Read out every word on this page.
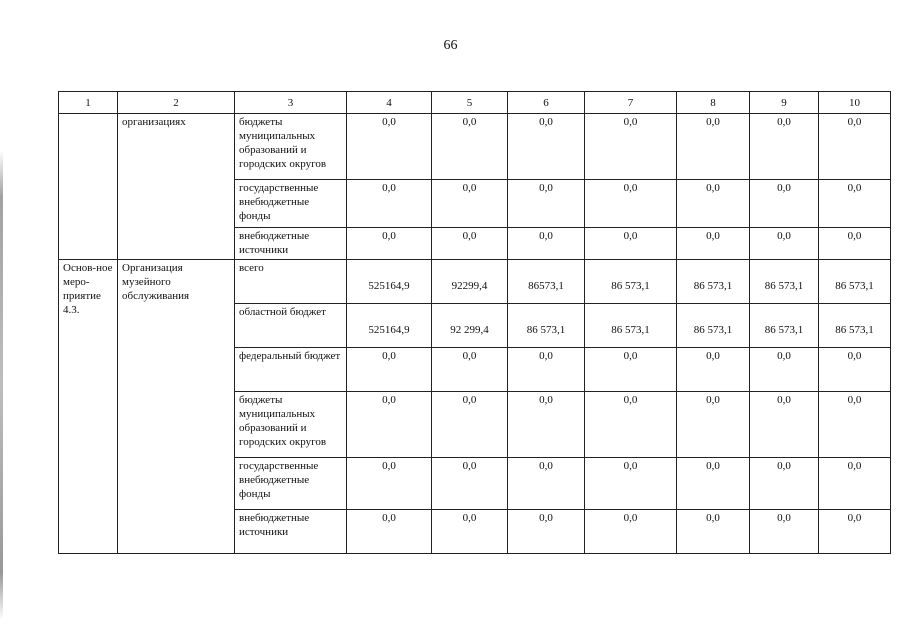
66
1	2	3	4	5	6	7	8	9	10
	организациях	бюджеты муниципальных образований и городских округов	0,0	0,0	0,0	0,0	0,0	0,0	0,0
		государственные внебюджетные фонды	0,0	0,0	0,0	0,0	0,0	0,0	0,0
		внебюджетные источники	0,0	0,0	0,0	0,0	0,0	0,0	0,0
Основ-ное меро-приятие 4.3.	Организация музейного обслуживания	всего	525164,9	92299,4	86573,1	86 573,1	86 573,1	86 573,1	86 573,1
		областной бюджет	525164,9	92 299,4	86 573,1	86 573,1	86 573,1	86 573,1	86 573,1
		федеральный бюджет	0,0	0,0	0,0	0,0	0,0	0,0	0,0
		бюджеты муниципальных образований и городских округов	0,0	0,0	0,0	0,0	0,0	0,0	0,0
		государственные внебюджетные фонды	0,0	0,0	0,0	0,0	0,0	0,0	0,0
		внебюджетные источники	0,0	0,0	0,0	0,0	0,0	0,0	0,0
